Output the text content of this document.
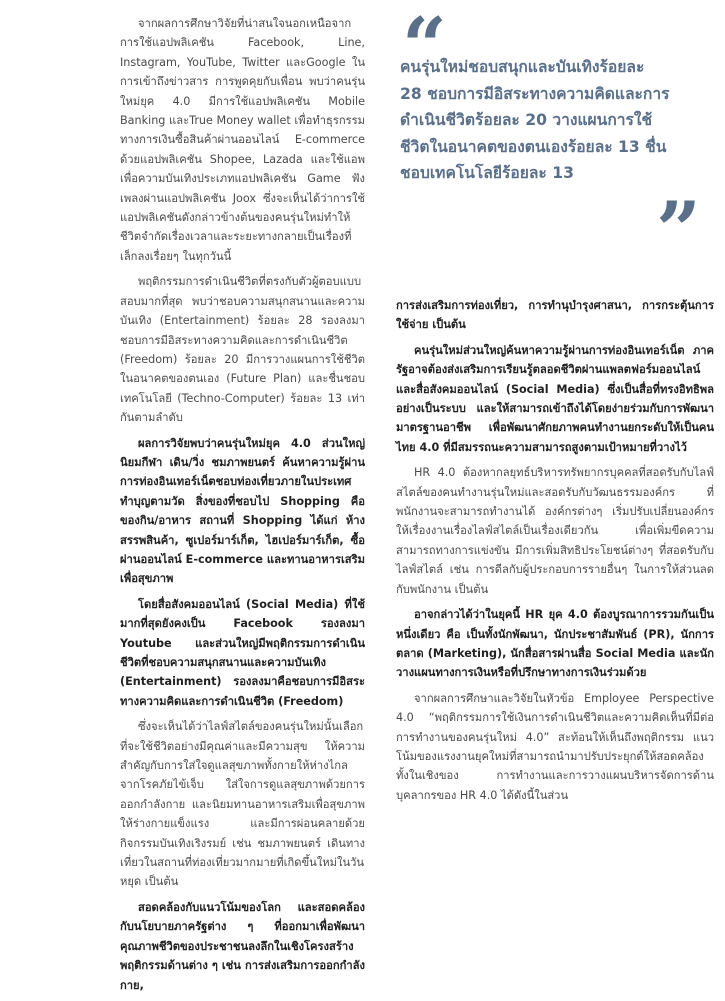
จากผลการศึกษาวิจัยที่น่าสนใจนอกเหนือจากการใช้แอปพลิเคชัน Facebook, Line, Instagram, YouTube, Twitter และGoogle ในการเข้าถึงข่าวสาร การพูดคุยกับเพื่อน พบว่าคนรุ่นใหม่ยุค 4.0 มีการใช้แอปพลิเคชัน Mobile Banking และTrue Money wallet เพื่อทำธุรกรรมทางการเงินซื้อสินค้าผ่านออนไลน์ E-commerce ด้วยแอปพลิเคชัน Shopee, Lazada และใช้แอพเพื่อความบันเทิงประเภทแอปพลิเคชัน Game ฟังเพลงผ่านแอปพลิเคชัน Joox ซึ่งจะเห็นได้ว่าการใช้แอปพลิเคชันดังกล่าวข้างต้นของคนรุ่นใหม่ทำให้ชีวิตจำกัดเรื่องเวลาและระยะทางกลายเป็นเรื่องที่เล็กลงเรื่อยๆ ในทุกวันนี้

พฤติกรรมการดำเนินชีวิตที่ตรงกับตัวผู้ตอบแบบสอบมากที่สุด พบว่าชอบความสนุกสนานและความบันเทิง (Entertainment) ร้อยละ 28 รองลงมาชอบการมีอิสระทางความคิดและการดำเนินชีวิต (Freedom) ร้อยละ 20 มีการวางแผนการใช้ชีวิตในอนาคตของตนเอง (Future Plan) และชื่นชอบเทคโนโลยี (Techno-Computer) ร้อยละ 13 เท่ากันตามลำดับ

ผลการวิจัยพบว่าคนรุ่นใหม่ยุค 4.0 ส่วนใหญ่นิยมกีฬา เดิน/วิ่ง ชมภาพยนตร์ ค้นหาความรู้ผ่านการท่องอินเทอร์เน็ตชอบท่องเที่ยวภายในประเทศ ทำบุญตามวัด สิ่งของที่ชอบไป Shopping คือ ของกิน/อาหาร สถานที่ Shopping ได้แก่ ห้างสรรพสินค้า, ซูเปอร์มาร์เก็ต, ไฮเปอร์มาร์เก็ต, ซื้อผ่านออนไลน์ E-commerce และทานอาหารเสริมเพื่อสุขภาพ

โดยสื่อสังคมออนไลน์ (Social Media) ที่ใช้มากที่สุดยังคงเป็น Facebook รองลงมา Youtube และส่วนใหญ่มีพฤติกรรมการดำเนินชีวิตที่ชอบความสนุกสนานและความบันเทิง (Entertainment) รองลงมาคือชอบการมีอิสระทางความคิดและการดำเนินชีวิต (Freedom)

ซึ่งจะเห็นได้ว่าไลฟ์สไตล์ของคนรุ่นใหม่นั้นเลือกที่จะใช้ชีวิตอย่างมีคุณค่าและมีความสุข ให้ความสำคัญกับการใส่ใจดูแลสุขภาพทั้งกายให้ห่างไกลจากโรคภัยไข้เจ็บ ใส่ใจการดูแลสุขภาพด้วยการออกกำลังกาย และนิยมทานอาหารเสริมเพื่อสุขภาพให้ร่างกายแข็งแรง และมีการผ่อนคลายด้วยกิจกรรมบันเทิงเริงรมย์ เช่น ชมภาพยนตร์ เดินทางเที่ยวในสถานที่ท่องเที่ยวมากมายที่เกิดขึ้นใหม่ในวันหยุด เป็นต้น

สอดคล้องกับแนวโน้มของโลก และสอดคล้องกับนโยบายภาครัฐต่าง ๆ ที่ออกมาเพื่อพัฒนาคุณภาพชีวิตของประชาชนลงลึกในเชิงโครงสร้างพฤติกรรมด้านต่าง ๆ เช่น การส่งเสริมการออกกำลังกาย,

“

คนรุ่นใหม่ชอบสนุกและบันเทิงร้อยละ 28 ชอบการมีอิสระทางความคิดและการดำเนินชีวิตร้อยละ 20 วางแผนการใช้ชีวิตในอนาคตของตนเองร้อยละ 13 ชื่นชอบเทคโนโลยีร้อยละ 13

”

การส่งเสริมการท่องเที่ยว, การทำนุบำรุงศาสนา, การกระตุ้นการใช้จ่าย เป็นต้น

คนรุ่นใหม่ส่วนใหญ่ค้นหาความรู้ผ่านการท่องอินเทอร์เน็ต ภาครัฐอาจต้องส่งเสริมการเรียนรู้ตลอดชีวิตผ่านแพลตฟอร์มออนไลน์และสื่อสังคมออนไลน์ (Social Media) ซึ่งเป็นสื่อที่ทรงอิทธิพลอย่างเป็นระบบ และให้สามารถเข้าถึงได้โดยง่ายร่วมกับการพัฒนามาตรฐานอาชีพ เพื่อพัฒนาศักยภาพคนทำงานยกระดับให้เป็นคนไทย 4.0 ที่มีสมรรถนะความสามารถสูงตามเป้าหมายที่วางไว้

HR 4.0 ต้องหากลยุทธ์บริหารทรัพยากรบุคคลที่สอดรับกับไลฟ์สไตล์ของคนทำงานรุ่นใหม่และสอดรับกับวัฒนธรรมองค์กร ที่พนักงานจะสามารถทำงานได้ องค์กรต่างๆ เริ่มปรับเปลี่ยนองค์กรให้เรื่องงานเรื่องไลฟ์สไตล์เป็นเรื่องเดียวกัน เพื่อเพิ่มขีดความสามารถทางการแข่งขัน มีการเพิ่มสิทธิประโยชน์ต่างๆ ที่สอดรับกับไลฟ์สไตล์ เช่น การดีลกับผู้ประกอบการรายอื่นๆ ในการให้ส่วนลดกับพนักงาน เป็นต้น

อาจกล่าวได้ว่าในยุคนี้ HR ยุค 4.0 ต้องบูรณาการรวมกันเป็นหนึ่งเดียว คือ เป็นทั้งนักพัฒนา, นักประชาสัมพันธ์ (PR), นักการตลาด (Marketing), นักสื่อสารผ่านสื่อ Social Media และนักวางแผนทางการเงินหรือที่ปรึกษาทางการเงินร่วมด้วย

จากผลการศึกษาและวิจัยในหัวข้อ Employee Perspective 4.0 “พฤติกรรมการใช้เงินการดำเนินชีวิตและความคิดเห็นที่มีต่อการทำงานของคนรุ่นใหม่ 4.0” สะท้อนให้เห็นถึงพฤติกรรม แนวโน้มของแรงงานยุคใหม่ที่สามารถนำมาปรับประยุกต์ให้สอดคล้องทั้งในเชิงของ การทำงานและการวางแผนบริหารจัดการด้านบุคลากรของ HR 4.0 ได้ดังนี้ในส่วน
